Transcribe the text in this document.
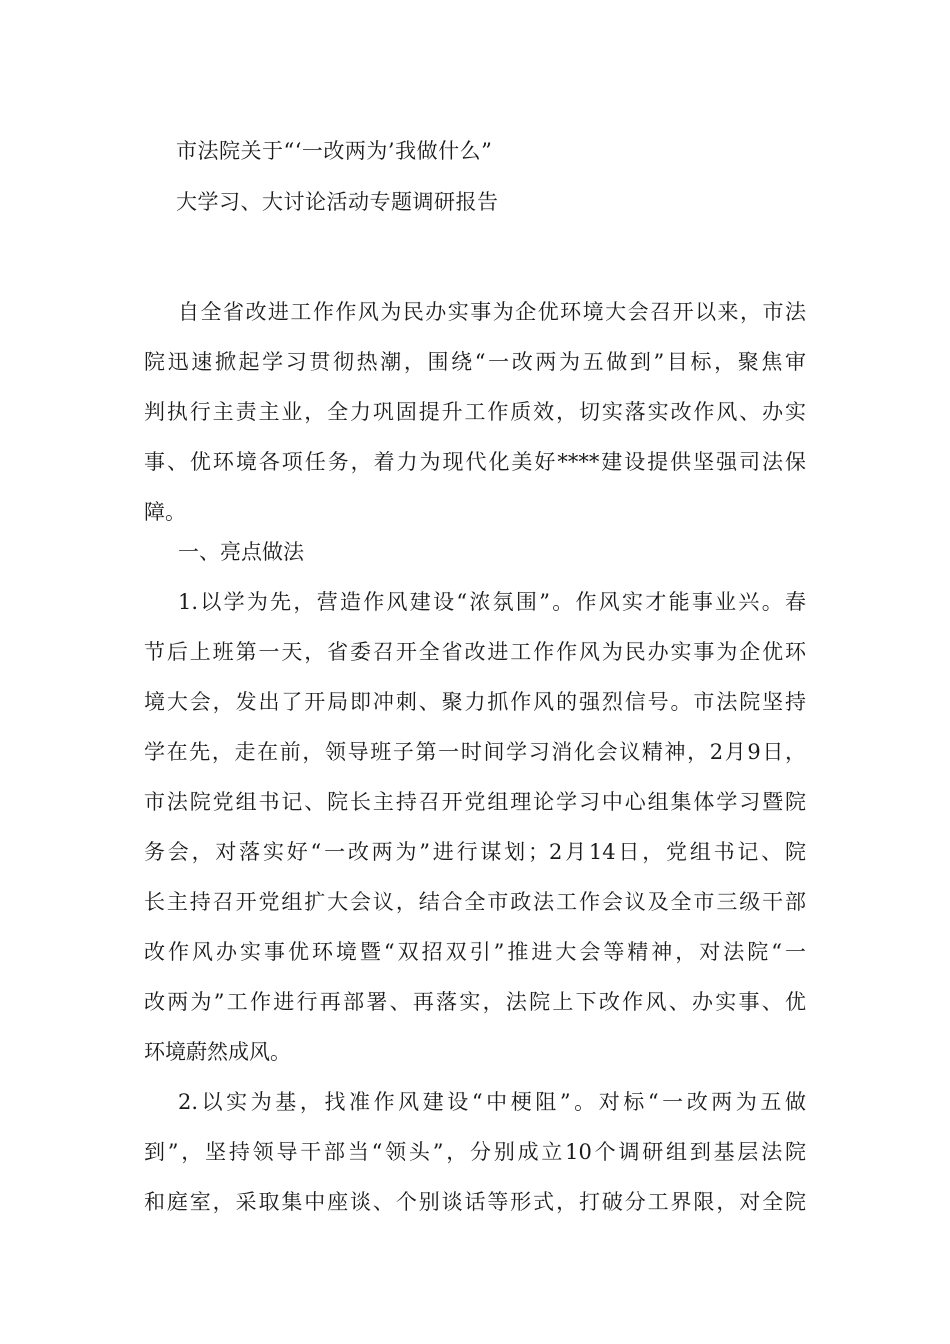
市法院关于“‘一改两为’我做什么”
大学习、大讨论活动专题调研报告
自全省改进工作作风为民办实事为企优环境大会召开以来，市法
院迅速掀起学习贯彻热潮，围绕“一改两为五做到”目标，聚焦审
判执行主责主业，全力巩固提升工作质效，切实落实改作风、办实
事、优环境各项任务，着力为现代化美好****建设提供坚强司法保
障。
一、亮点做法
1.以学为先，营造作风建设“浓氛围”。作风实才能事业兴。春
节后上班第一天，省委召开全省改进工作作风为民办实事为企优环
境大会，发出了开局即冲刺、聚力抓作风的强烈信号。市法院坚持
学在先，走在前，领导班子第一时间学习消化会议精神，2月9日，
市法院党组书记、院长主持召开党组理论学习中心组集体学习暨院
务会，对落实好“一改两为”进行谋划；2月14日，党组书记、院
长主持召开党组扩大会议，结合全市政法工作会议及全市三级干部
改作风办实事优环境暨“双招双引”推进大会等精神，对法院“一
改两为”工作进行再部署、再落实，法院上下改作风、办实事、优
环境蔚然成风。
2.以实为基，找准作风建设“中梗阻”。对标“一改两为五做
到”，坚持领导干部当“领头”，分别成立10个调研组到基层法院
和庭室，采取集中座谈、个别谈话等形式，打破分工界限，对全院
